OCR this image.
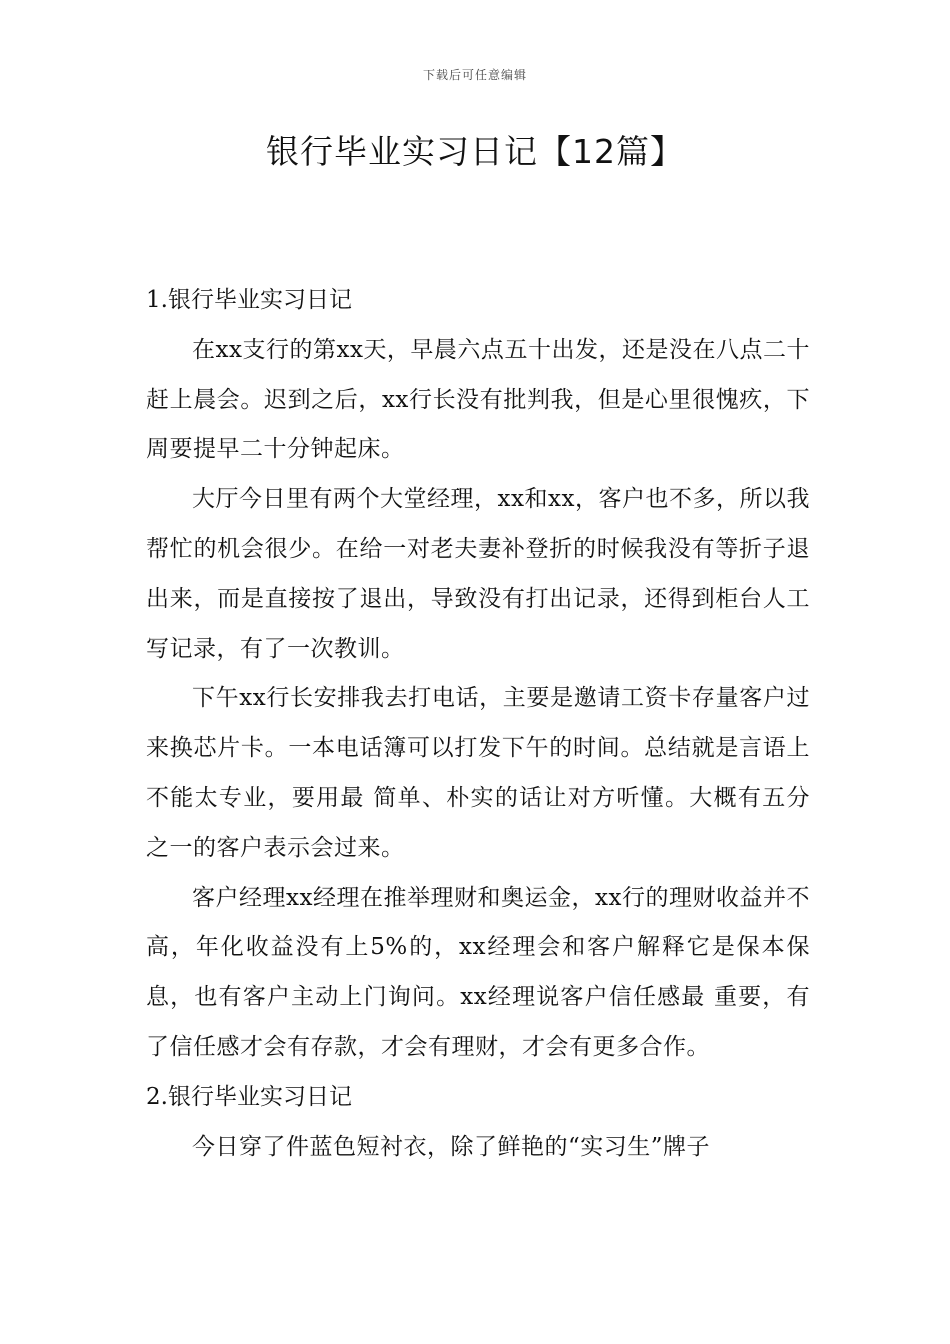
下载后可任意编辑
银行毕业实习日记【12篇】

1.银行毕业实习日记

在xx支行的第xx天，早晨六点五十出发，还是没在八点二十赶上晨会。迟到之后，xx行长没有批判我，但是心里很愧疚，下周要提早二十分钟起床。

大厅今日里有两个大堂经理，xx和xx，客户也不多，所以我帮忙的机会很少。在给一对老夫妻补登折的时候我没有等折子退出来，而是直接按了退出，导致没有打出记录，还得到柜台人工写记录，有了一次教训。

下午xx行长安排我去打电话，主要是邀请工资卡存量客户过来换芯片卡。一本电话簿可以打发下午的时间。总结就是言语上不能太专业，要用最 简单、朴实的话让对方听懂。大概有五分之一的客户表示会过来。

客户经理xx经理在推举理财和奥运金，xx行的理财收益并不高，年化收益没有上5%的，xx经理会和客户解释它是保本保息，也有客户主动上门询问。xx经理说客户信任感最 重要，有了信任感才会有存款，才会有理财，才会有更多合作。

2.银行毕业实习日记

今日穿了件蓝色短衬衣，除了鲜艳的“实习生”牌子
